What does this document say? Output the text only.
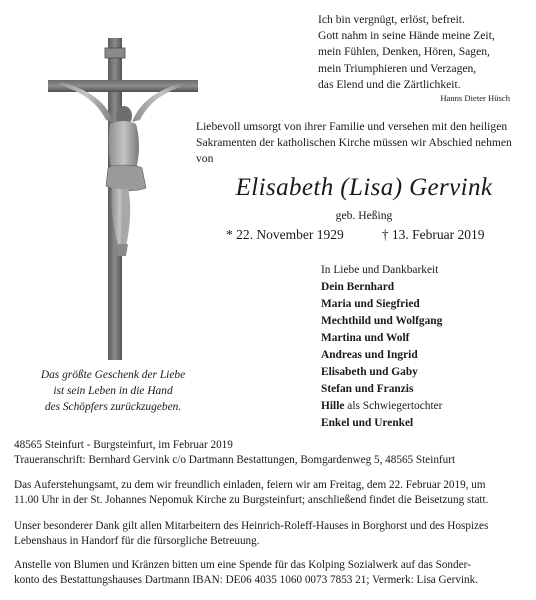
Ich bin vergnügt, erlöst, befreit.
Gott nahm in seine Hände meine Zeit,
mein Fühlen, Denken, Hören, Sagen,
mein Triumphieren und Verzagen,
das Elend und die Zärtlichkeit.
Hanns Dieter Hüsch
Liebevoll umsorgt von ihrer Familie und versehen mit den heiligen
Sakramenten der katholischen Kirche müssen wir Abschied nehmen
von
Elisabeth (Lisa) Gervink
geb. Heßing
* 22. November 1929	† 13. Februar 2019
In Liebe und Dankbarkeit
Dein Bernhard
Maria und Siegfried
Mechthild und Wolfgang
Martina und Wolf
Andreas und Ingrid
Elisabeth und Gaby
Stefan und Franzis
Hille als Schwiegertochter
Enkel und Urenkel
Das größte Geschenk der Liebe
ist sein Leben in die Hand
des Schöpfers zurückzugeben.
48565 Steinfurt - Burgsteinfurt, im Februar 2019
Traueranschrift: Bernhard Gervink c/o Dartmann Bestattungen, Bomgardenweg 5, 48565 Steinfurt
Das Auferstehungsamt, zu dem wir freundlich einladen, feiern wir am Freitag, dem 22. Februar 2019, um
11.00 Uhr in der St. Johannes Nepomuk Kirche zu Burgsteinfurt; anschließend findet die Beisetzung statt.
Unser besonderer Dank gilt allen Mitarbeitern des Heinrich-Roleff-Hauses in Borghorst und des Hospizes
Lebenshaus in Handorf für die fürsorgliche Betreuung.
Anstelle von Blumen und Kränzen bitten um eine Spende für das Kolping Sozialwerk auf das Sonder-
konto des Bestattungshauses Dartmann IBAN: DE06 4035 1060 0073 7853 21; Vermerk: Lisa Gervink.
